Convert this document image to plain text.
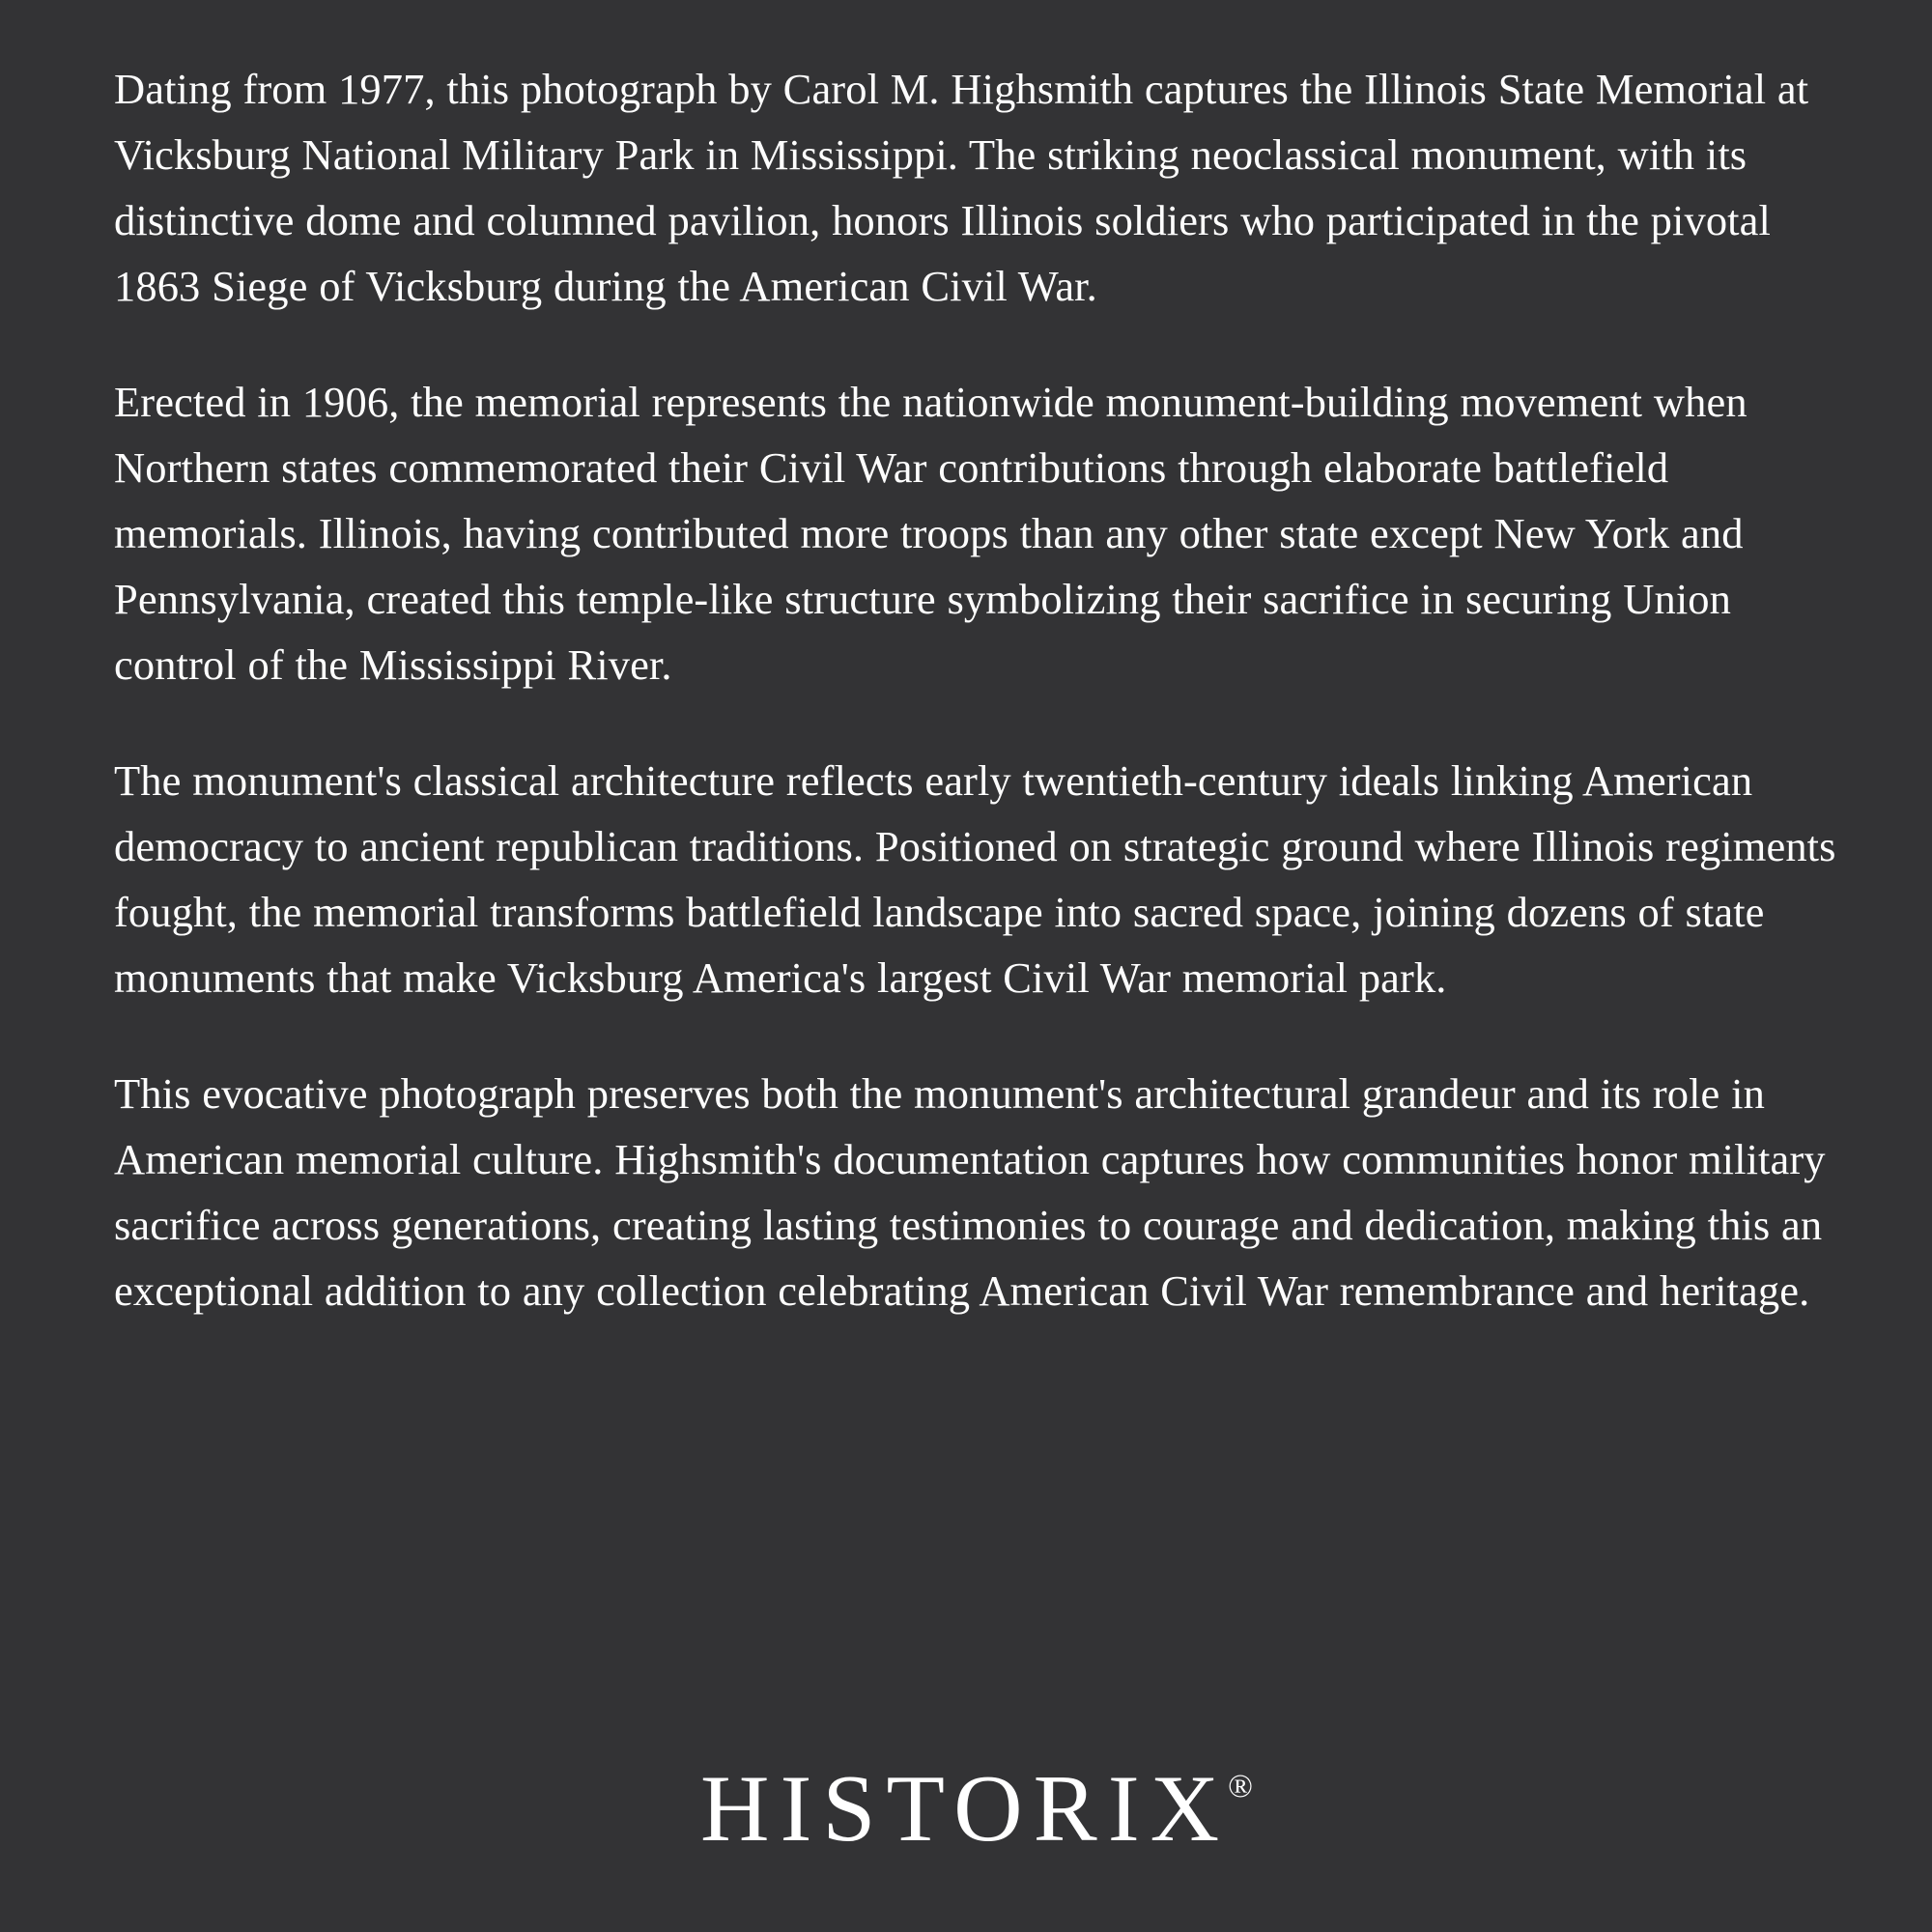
Dating from 1977, this photograph by Carol M. Highsmith captures the Illinois State Memorial at Vicksburg National Military Park in Mississippi. The striking neoclassical monument, with its distinctive dome and columned pavilion, honors Illinois soldiers who participated in the pivotal 1863 Siege of Vicksburg during the American Civil War.

Erected in 1906, the memorial represents the nationwide monument-building movement when Northern states commemorated their Civil War contributions through elaborate battlefield memorials. Illinois, having contributed more troops than any other state except New York and Pennsylvania, created this temple-like structure symbolizing their sacrifice in securing Union control of the Mississippi River.

The monument's classical architecture reflects early twentieth-century ideals linking American democracy to ancient republican traditions. Positioned on strategic ground where Illinois regiments fought, the memorial transforms battlefield landscape into sacred space, joining dozens of state monuments that make Vicksburg America's largest Civil War memorial park.

This evocative photograph preserves both the monument's architectural grandeur and its role in American memorial culture. Highsmith's documentation captures how communities honor military sacrifice across generations, creating lasting testimonies to courage and dedication, making this an exceptional addition to any collection celebrating American Civil War remembrance and heritage.

HISTORIX
®
